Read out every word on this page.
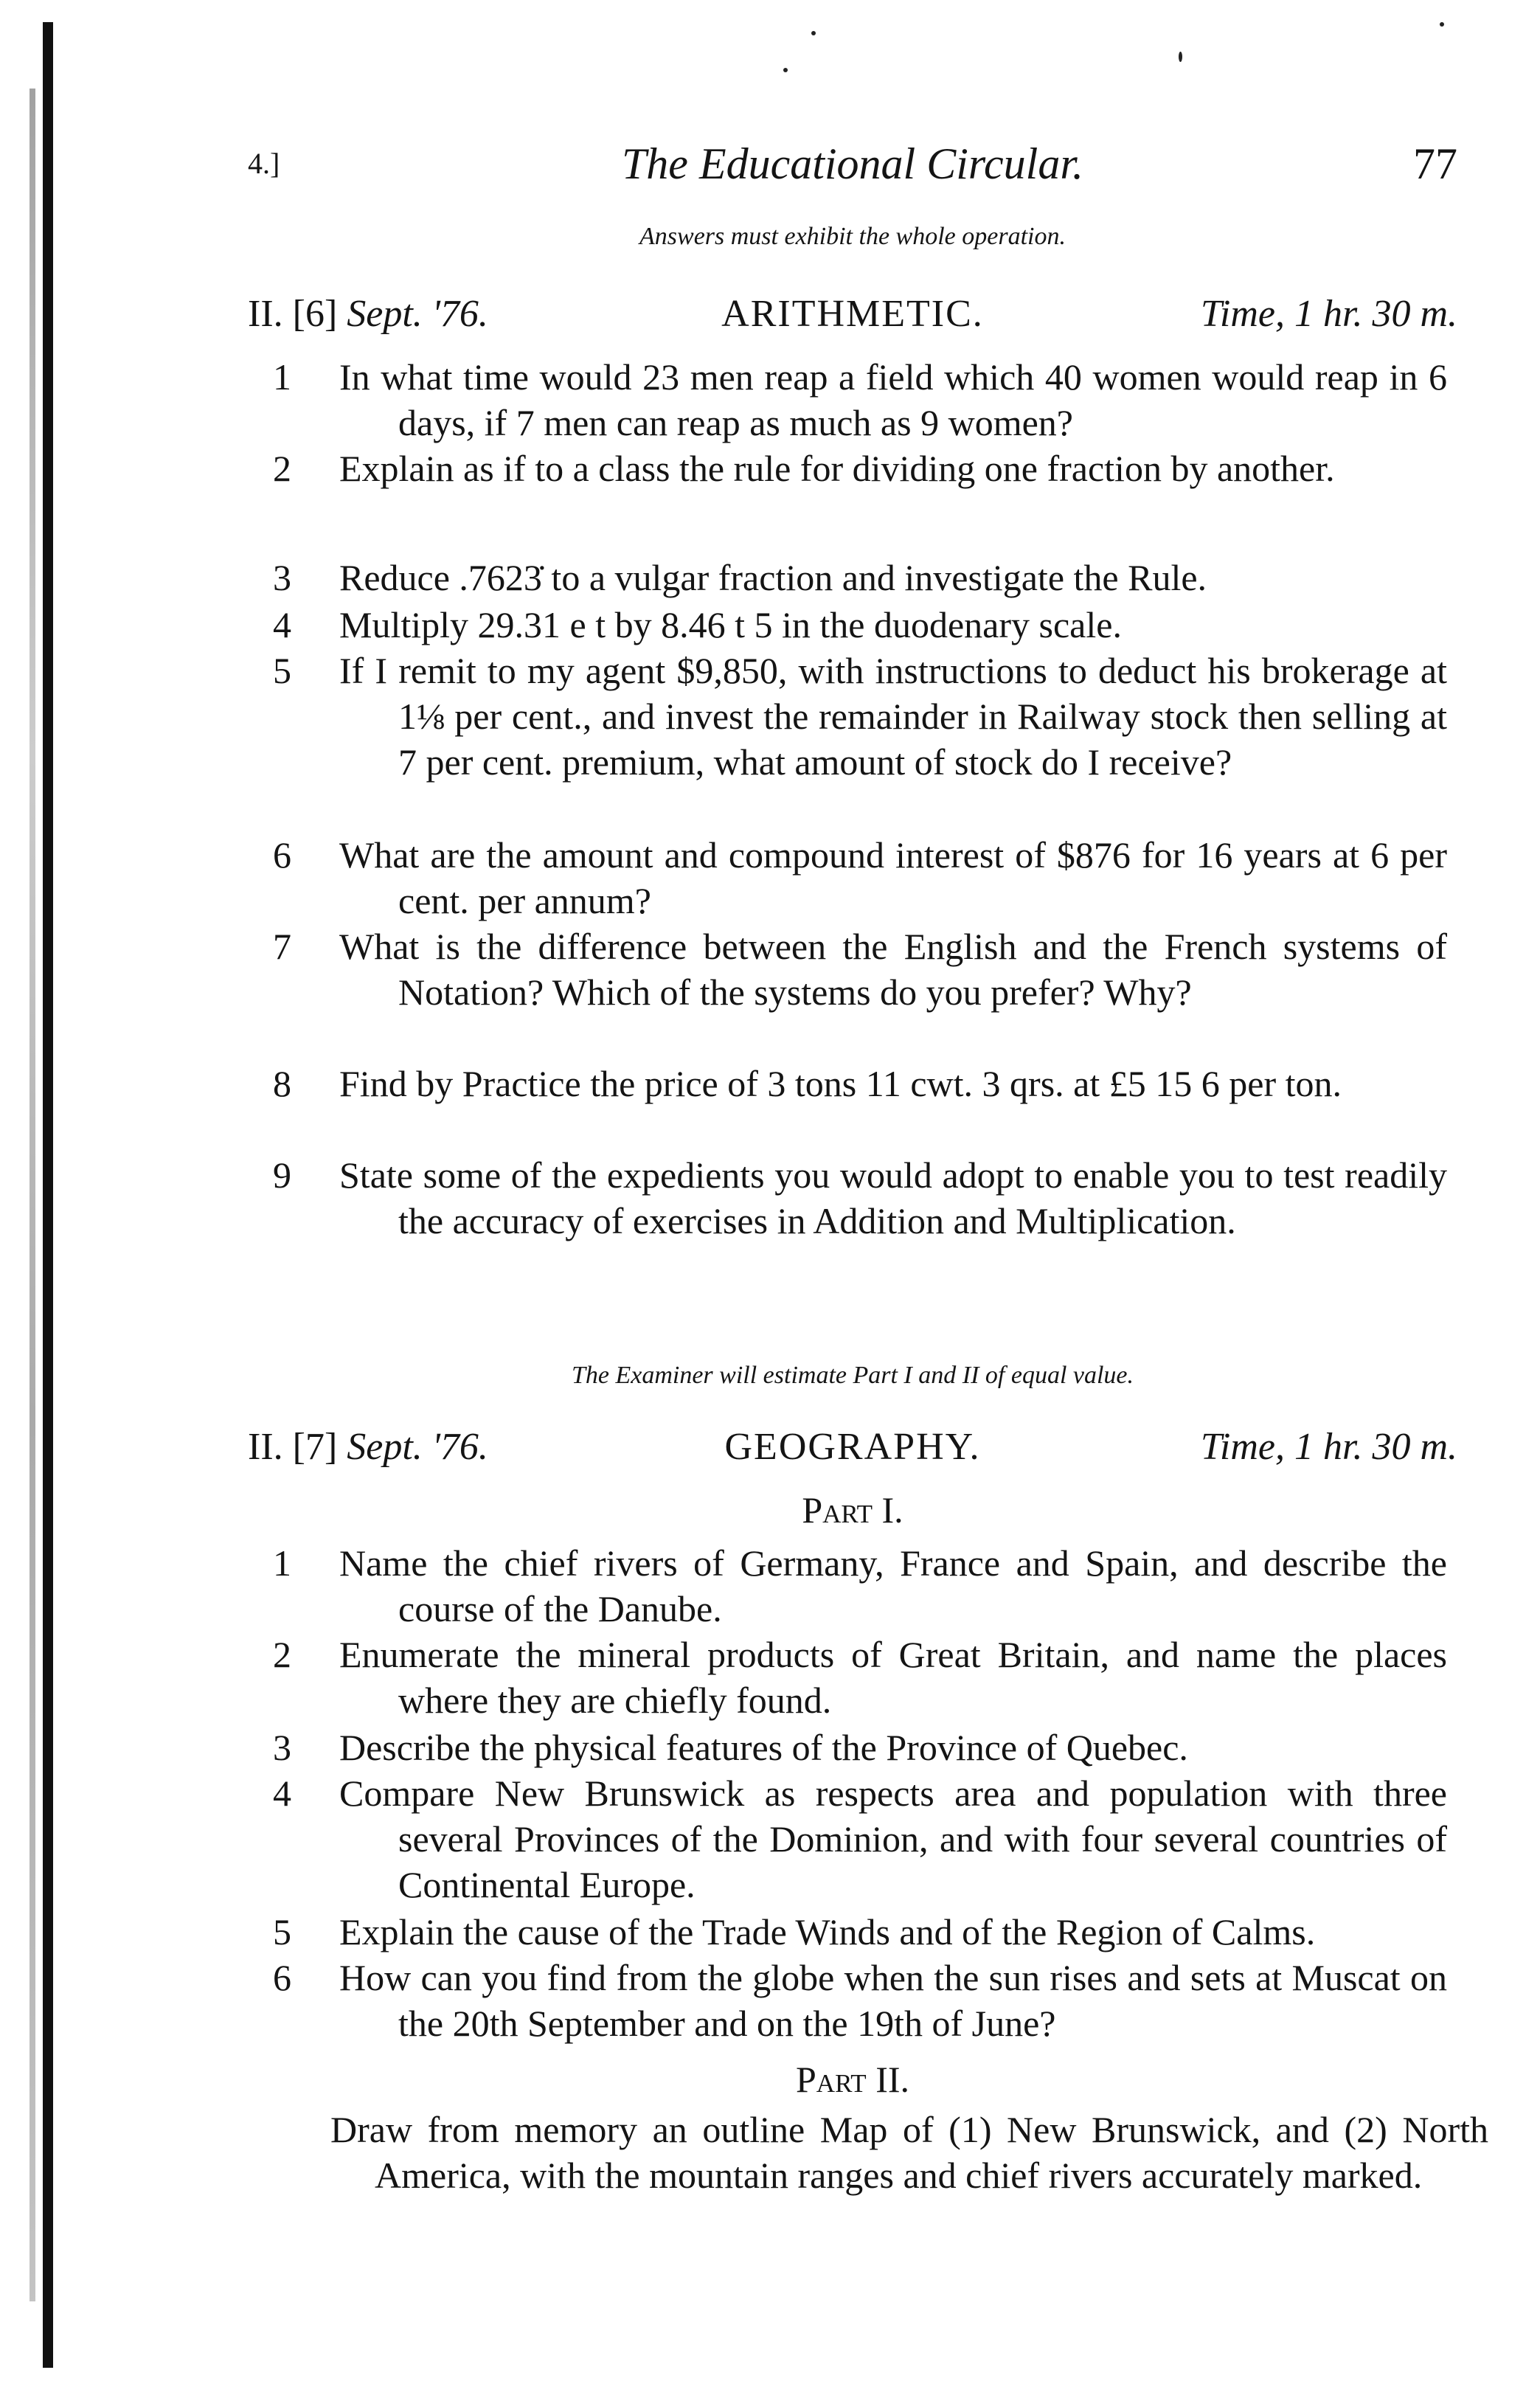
4.]	The Educational Circular.	77
Answers must exhibit the whole operation.
II. [6] Sept. '76.	ARITHMETIC.	Time, 1 hr. 30 m.
1	In what time would 23 men reap a field which 40 women would reap in 6 days, if 7 men can reap as much as 9 women?
2	Explain as if to a class the rule for dividing one fraction by another.
3	Reduce .7623̇ to a vulgar fraction and investigate the Rule.
4	Multiply 29.31 e t by 8.46 t 5 in the duodenary scale.
5	If I remit to my agent $9,850, with instructions to deduct his brokerage at 1⅛ per cent., and invest the remainder in Railway stock then selling at 7 per cent. premium, what amount of stock do I receive?
6	What are the amount and compound interest of $876 for 16 years at 6 per cent. per annum?
7	What is the difference between the English and the French systems of Notation? Which of the systems do you prefer? Why?
8	Find by Practice the price of 3 tons 11 cwt. 3 qrs. at £5 15 6 per ton.
9	State some of the expedients you would adopt to enable you to test readily the accuracy of exercises in Addition and Multiplication.
The Examiner will estimate Part I and II of equal value.
II. [7] Sept. '76.	GEOGRAPHY.	Time, 1 hr. 30 m.
Part I.
1	Name the chief rivers of Germany, France and Spain, and describe the course of the Danube.
2	Enumerate the mineral products of Great Britain, and name the places where they are chiefly found.
3	Describe the physical features of the Province of Quebec.
4	Compare New Brunswick as respects area and population with three several Provinces of the Dominion, and with four several countries of Continental Europe.
5	Explain the cause of the Trade Winds and of the Region of Calms.
6	How can you find from the globe when the sun rises and sets at Muscat on the 20th September and on the 19th of June?
Part II.
Draw from memory an outline Map of (1) New Brunswick, and (2) North America, with the mountain ranges and chief rivers accurately marked.
